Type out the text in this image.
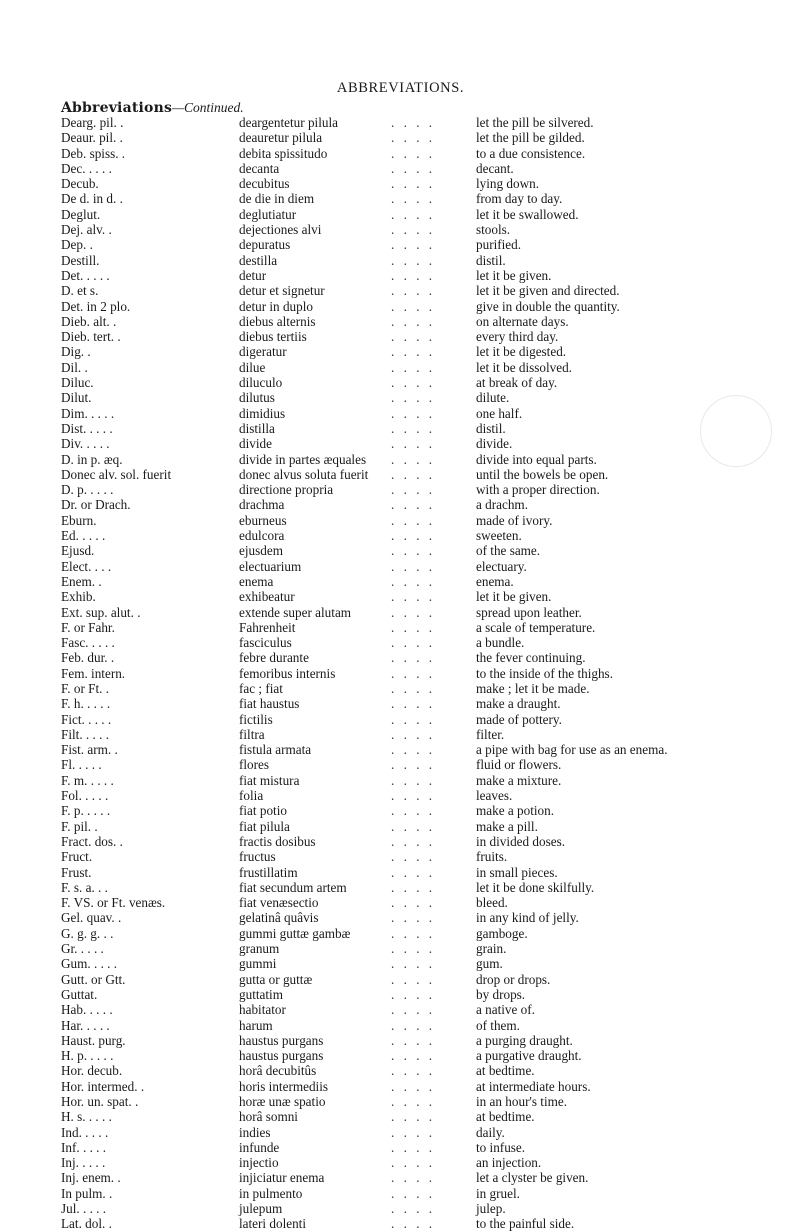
ABBREVIATIONS.
Abbreviations—Continued.
Dearg. pil. .	deargentetur pilula	. . . .	let the pill be silvered.
Deaur. pil. .	deauretur pilula	. . . .	let the pill be gilded.
Deb. spiss. .	debita spissitudo	. . . .	to a due consistence.
Dec. . . . .	decanta	. . . .	decant.
Decub.	decubitus	. . . .	lying down.
De d. in d. .	de die in diem	. . . .	from day to day.
Deglut.	deglutiatur	. . . .	let it be swallowed.
Dej. alv. .	dejectiones alvi	. . . .	stools.
Dep. .	depuratus	. . . .	purified.
Destill.	destilla	. . . .	distil.
Det. . . . .	detur	. . . .	let it be given.
D. et s.	detur et signetur	. . . .	let it be given and directed.
Det. in 2 plo.	detur in duplo	. . . .	give in double the quantity.
Dieb. alt. .	diebus alternis	. . . .	on alternate days.
Dieb. tert. .	diebus tertiis	. . . .	every third day.
Dig. .	digeratur	. . . .	let it be digested.
Dil. .	dilue	. . . .	let it be dissolved.
Diluc.	diluculo	. . . .	at break of day.
Dilut.	dilutus	. . . .	dilute.
Dim. . . . .	dimidius	. . . .	one half.
Dist. . . . .	distilla	. . . .	distil.
Div. . . . .	divide	. . . .	divide.
D. in p. æq.	divide in partes æquales . . . .	divide into equal parts.
Donec alv. sol. fuerit	donec alvus soluta fuerit . . . .	until the bowels be open.
D. p. . . . .	directione propria	. . . .	with a proper direction.
Dr. or Drach.	drachma	. . . .	a drachm.
Eburn.	eburneus	. . . .	made of ivory.
Ed. . . . .	edulcora	. . . .	sweeten.
Ejusd.	ejusdem	. . . .	of the same.
Elect. . . .	electuarium	. . . .	electuary.
Enem. .	enema	. . . .	enema.
Exhib.	exhibeatur	. . . .	let it be given.
Ext. sup. alut. .	extende super alutam	. . . .	spread upon leather.
F. or Fahr.	Fahrenheit	. . . .	a scale of temperature.
Fasc. . . . .	fasciculus	. . . .	a bundle.
Feb. dur. .	febre durante	. . . .	the fever continuing.
Fem. intern.	femoribus internis	. . . .	to the inside of the thighs.
F. or Ft. .	fac ; fiat	. . . .	make ; let it be made.
F. h. . . . .	fiat haustus	. . . .	make a draught.
Fict. . . . .	fictilis	. . . .	made of pottery.
Filt. . . . .	filtra	. . . .	filter.
Fist. arm. .	fistula armata	. . . .	a pipe with bag for use as an enema.
Fl. . . . .	flores	. . . .	fluid or flowers.
F. m. . . . .	fiat mistura	. . . .	make a mixture.
Fol. . . . .	folia	. . . .	leaves.
F. p. . . . .	fiat potio	. . . .	make a potion.
F. pil. .	fiat pilula	. . . .	make a pill.
Fract. dos. .	fractis dosibus	. . . .	in divided doses.
Fruct.	fructus	. . . .	fruits.
Frust.	frustillatim	. . . .	in small pieces.
F. s. a. . .	fiat secundum artem	. . . .	let it be done skilfully.
F. VS. or Ft. venæs.	fiat venæsectio	. . . .	bleed.
Gel. quav. .	gelatinâ quâvis	. . . .	in any kind of jelly.
G. g. g. . .	gummi guttæ gambæ	. . . .	gamboge.
Gr. . . . .	granum	. . . .	grain.
Gum. . . . .	gummi	. . . .	gum.
Gutt. or Gtt.	gutta or guttæ	. . . .	drop or drops.
Guttat.	guttatim	. . . .	by drops.
Hab. . . . .	habitator	. . . .	a native of.
Har. . . . .	harum	. . . .	of them.
Haust. purg.	haustus purgans	. . . .	a purging draught.
H. p. . . . .	haustus purgans	. . . .	a purgative draught.
Hor. decub.	horâ decubitûs	. . . .	at bedtime.
Hor. intermed. .	horis intermediis	. . . .	at intermediate hours.
Hor. un. spat. .	horæ unæ spatio	. . . .	in an hour's time.
H. s. . . . .	horâ somni	. . . .	at bedtime.
Ind. . . . .	indies	. . . .	daily.
Inf. . . . .	infunde	. . . .	to infuse.
Inj. . . . .	injectio	. . . .	an injection.
Inj. enem. .	injiciatur enema	. . . .	let a clyster be given.
In pulm. .	in pulmento	. . . .	in gruel.
Jul. . . . .	julepum	. . . .	julep.
Lat. dol. .	lateri dolenti	. . . .	to the painful side.
